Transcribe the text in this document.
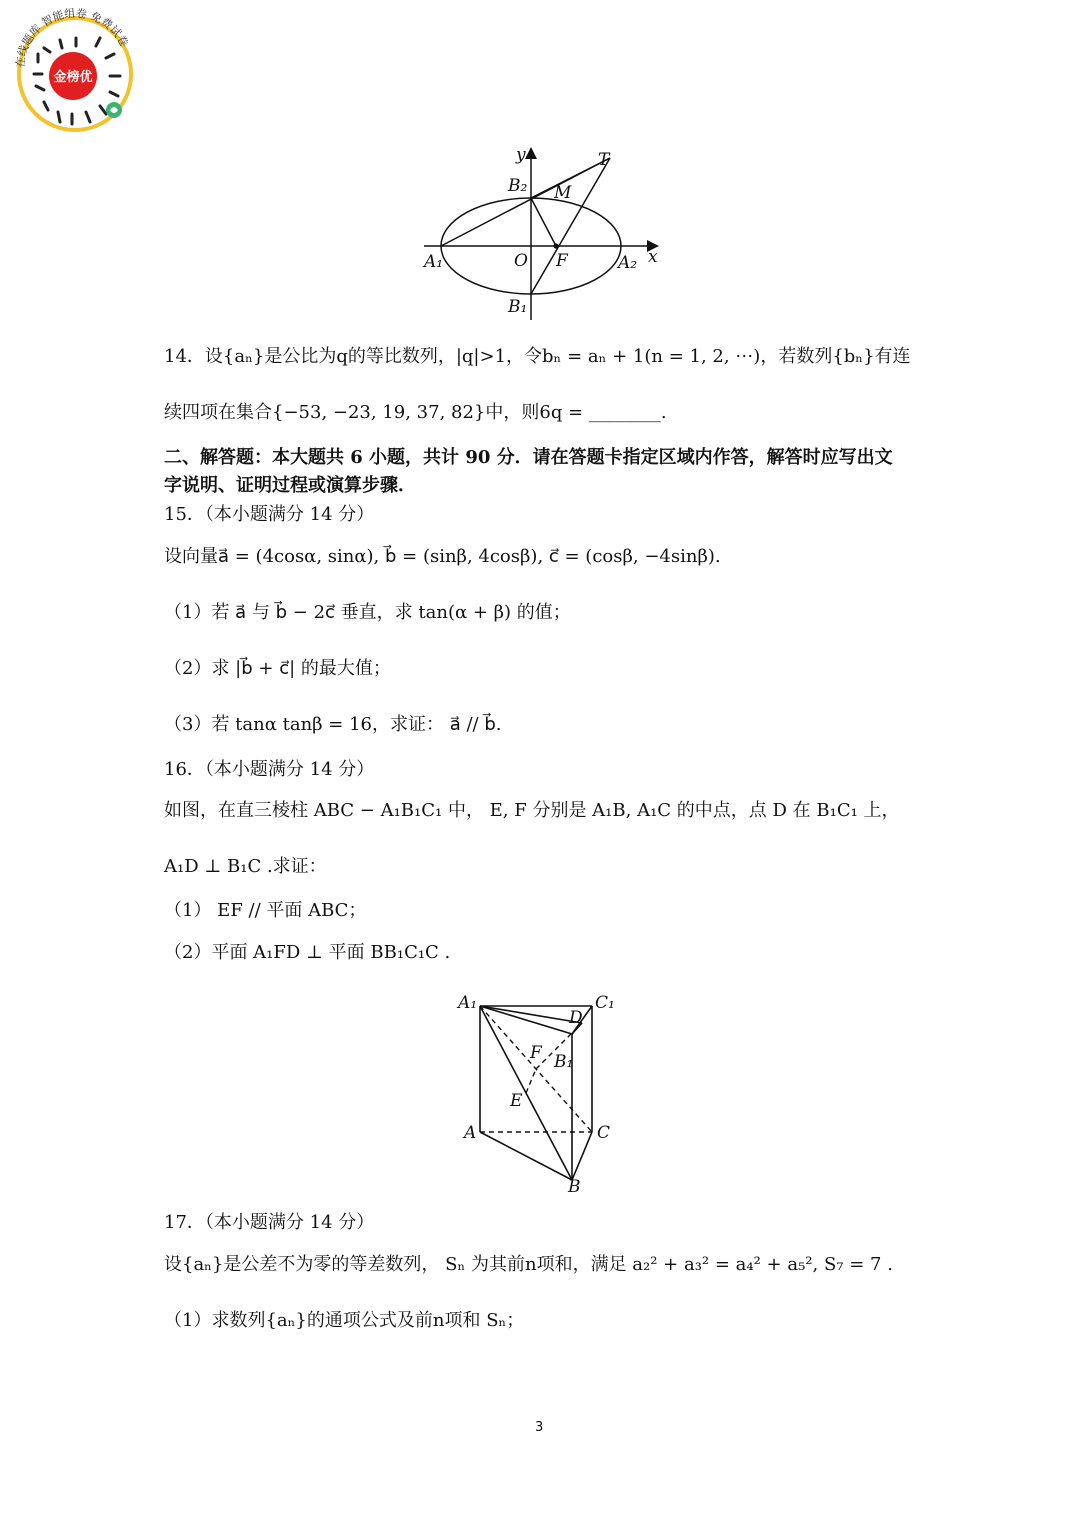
在线题库 智能组卷 免费试卷
金榜优
y
x
T
B₂ M
A₁	O F	A₂
B₁
14．设{aₙ}是公比为q的等比数列，|q|>1，令bₙ = aₙ + 1(n = 1, 2, ⋯)，若数列{bₙ}有连
续四项在集合{−53, −23, 19, 37, 82}中，则6q = ________.
二、解答题：本大题共 6 小题，共计 90 分．请在答题卡指定区域内作答，解答时应写出文
字说明、证明过程或演算步骤．
15．（本小题满分 14 分）
设向量a⃗ = (4cosα, sinα), b⃗ = (sinβ, 4cosβ), c⃗ = (cosβ, −4sinβ).
（1）若 a⃗ 与 b⃗ − 2c⃗ 垂直，求 tan(α + β) 的值；
（2）求 |b⃗ + c⃗| 的最大值；
（3）若 tanα tanβ = 16，求证： a⃗ // b⃗.
16．（本小题满分 14 分）
如图，在直三棱柱 ABC − A₁B₁C₁ 中， E, F 分别是 A₁B, A₁C 的中点，点 D 在 B₁C₁ 上，
A₁D ⊥ B₁C .求证：
（1） EF // 平面 ABC；
（2）平面 A₁FD ⊥ 平面 BB₁C₁C .
A₁	C₁
D
F B₁
E
A	C
B
17．（本小题满分 14 分）
设{aₙ}是公差不为零的等差数列， Sₙ 为其前n项和，满足 a₂² + a₃² = a₄² + a₅², S₇ = 7 .
（1）求数列{aₙ}的通项公式及前n项和 Sₙ；
3
